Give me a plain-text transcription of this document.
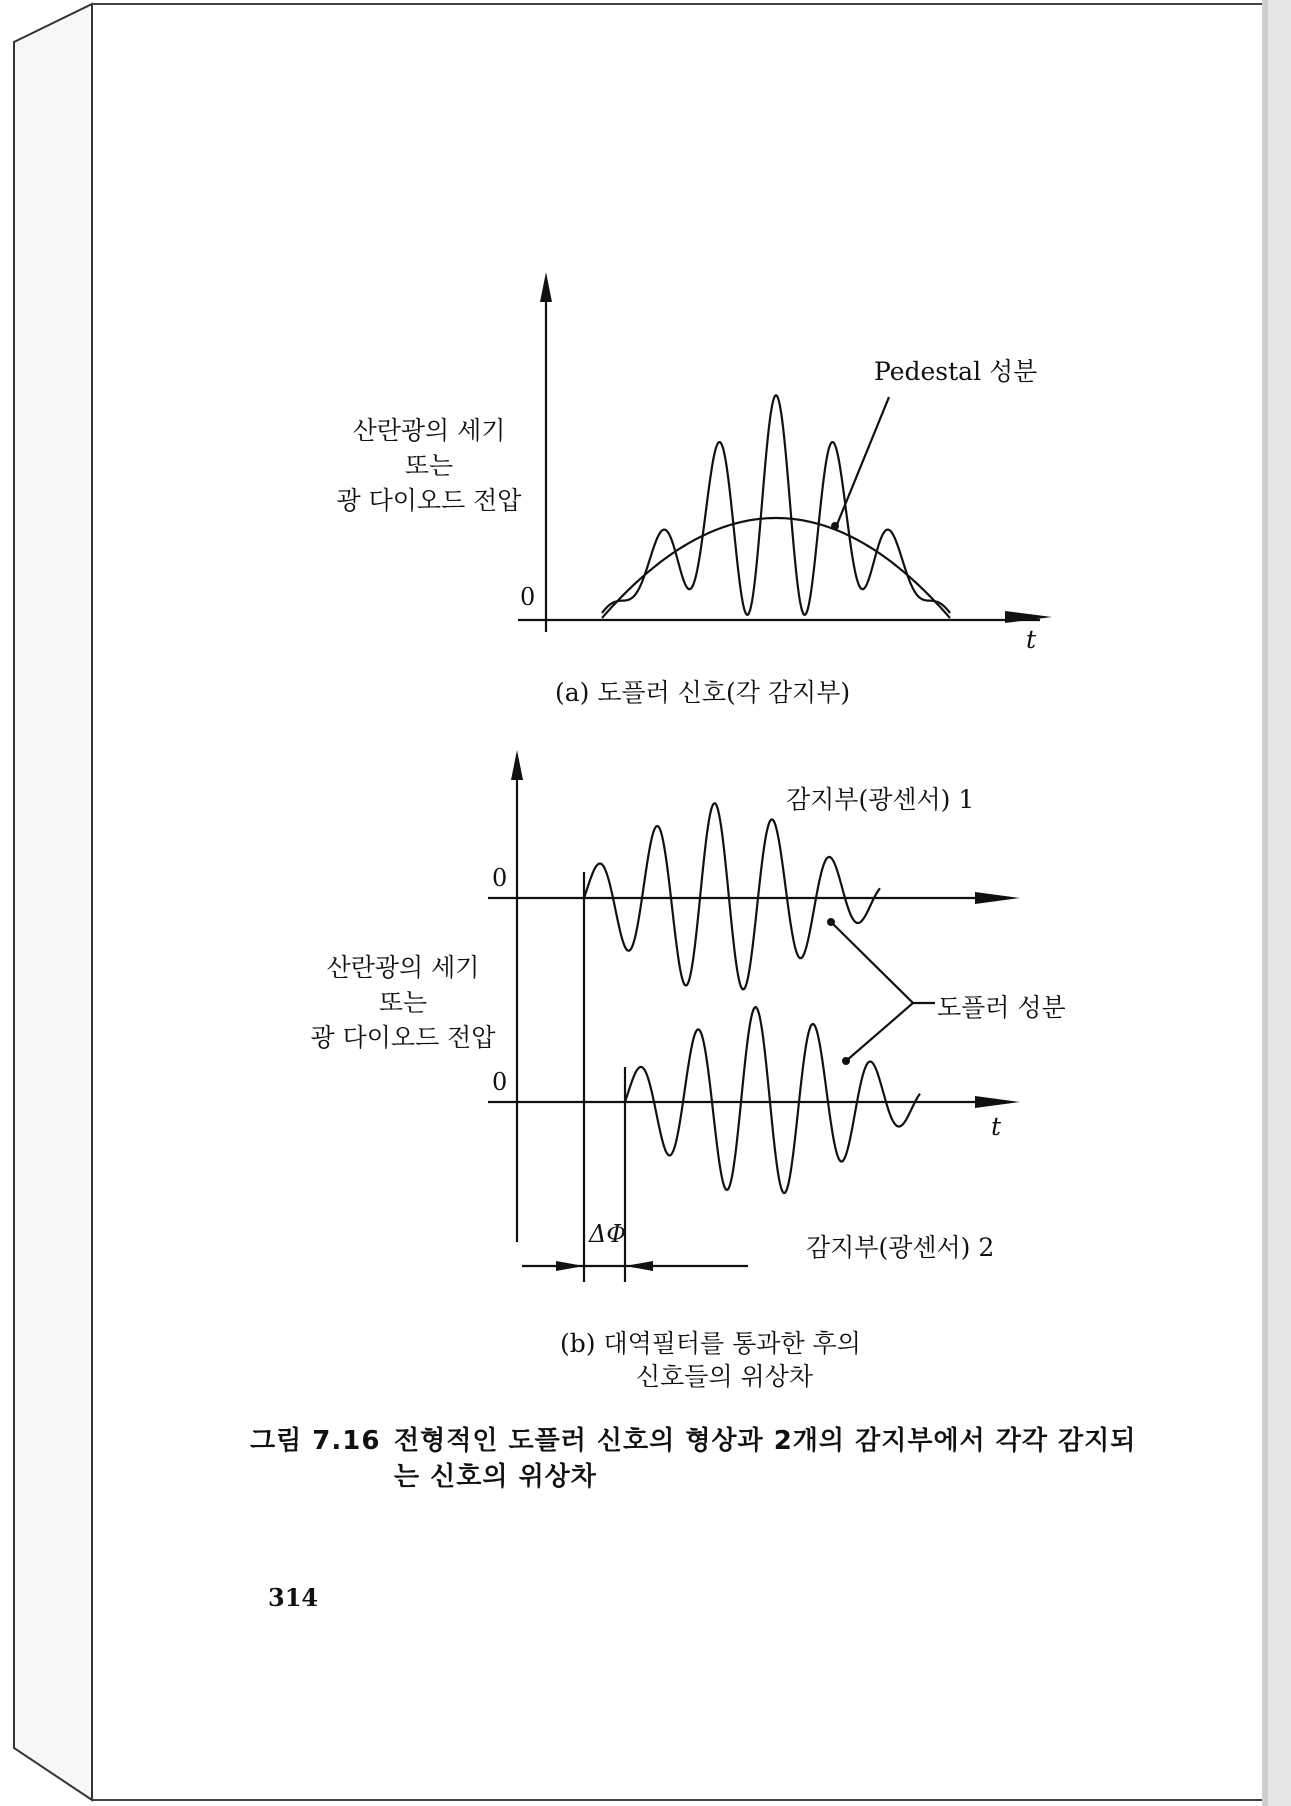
산란광의 세기
또는
광 다이오드 전압
0
t
Pedestal 성분
(a) 도플러 신호(각 감지부)
산란광의 세기
또는
광 다이오드 전압
0
0
t
감지부(광센서) 1
감지부(광센서) 2
도플러 성분
ΔΦ
(b) 대역필터를 통과한 후의
신호들의 위상차
그림 7.16 전형적인 도플러 신호의 형상과 2개의 감지부에서 각각 감지되
는 신호의 위상차
314
